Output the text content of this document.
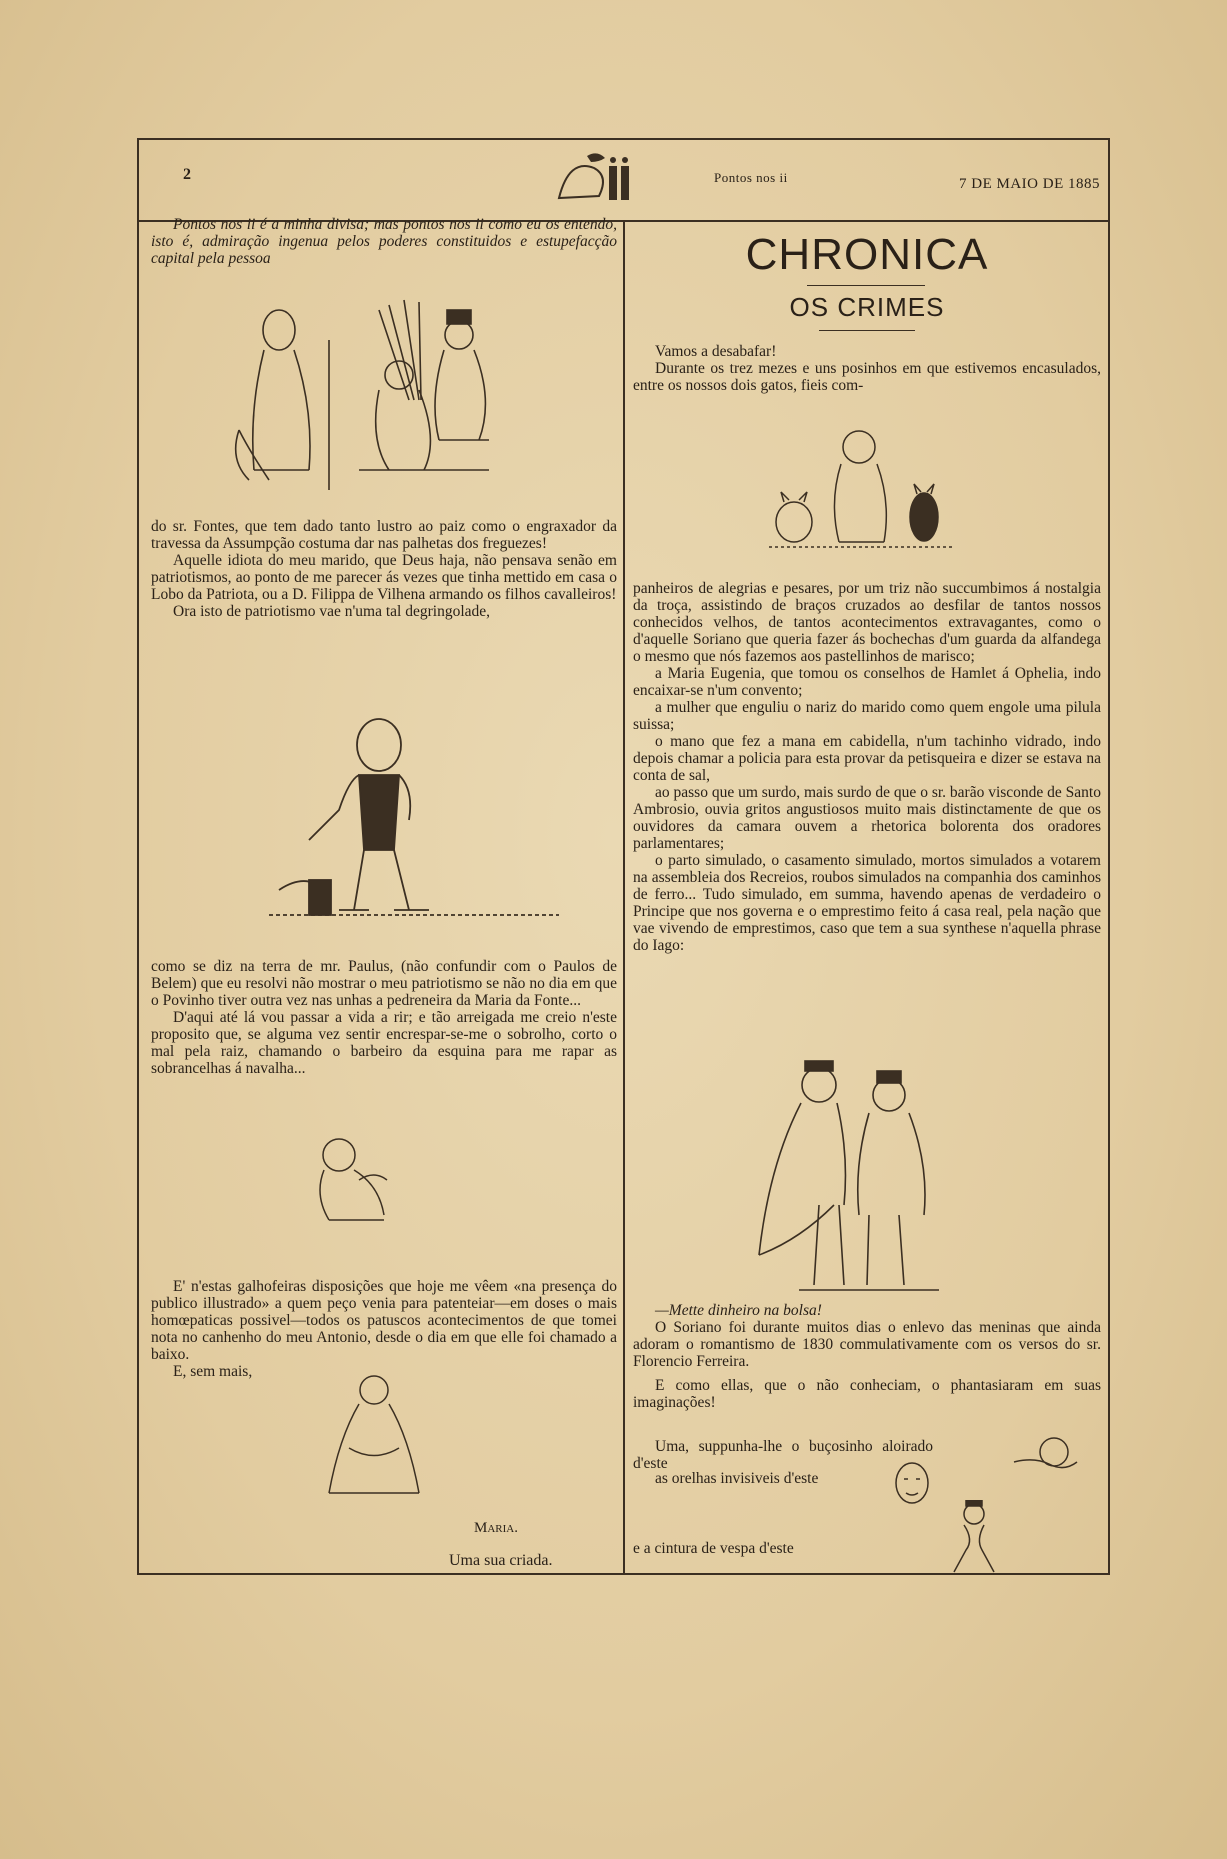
2	Pontos nos ii	7 DE MAIO DE 1885

Pontos nos ii é a minha divisa; mas pontos nos ii como eu os entendo, isto é, admiração ingenua pelos poderes constituidos e estupefacção capital pela pessoa

do sr. Fontes, que tem dado tanto lustro ao paiz como o engraxador da travessa da Assumpção costuma dar nas palhetas dos freguezes!

Aquelle idiota do meu marido, que Deus haja, não pensava senão em patriotismos, ao ponto de me parecer ás vezes que tinha mettido em casa o Lobo da Patriota, ou a D. Filippa de Vilhena armando os filhos cavalleiros!

Ora isto de patriotismo vae n'uma tal degringolade,

como se diz na terra de mr. Paulus, (não confundir com o Paulos de Belem) que eu resolvi não mostrar o meu patriotismo se não no dia em que o Povinho tiver outra vez nas unhas a pedreneira da Maria da Fonte...

D'aqui até lá vou passar a vida a rir; e tão arreigada me creio n'este proposito que, se alguma vez sentir encrespar-se-me o sobrolho, corto o mal pela raiz, chamando o barbeiro da esquina para me rapar as sobrancelhas á navalha...

E' n'estas galhofeiras disposições que hoje me vêem «na presença do publico illustrado» a quem peço venia para patenteiar—em doses o mais homœpaticas possivel—todos os patuscos acontecimentos de que tomei nota no canhenho do meu Antonio, desde o dia em que elle foi chamado a baixo.

E, sem mais,

Maria.
Uma sua criada.
CHRONICA
OS CRIMES

Vamos a desabafar!

Durante os trez mezes e uns posinhos em que estivemos encasulados, entre os nossos dois gatos, fieis com-

panheiros de alegrias e pesares, por um triz não succumbimos á nostalgia da troça, assistindo de braços cruzados ao desfilar de tantos nossos conhecidos velhos, de tantos acontecimentos extravagantes, como o d'aquelle Soriano que queria fazer ás bochechas d'um guarda da alfandega o mesmo que nós fazemos aos pastellinhos de marisco;

a Maria Eugenia, que tomou os conselhos de Hamlet á Ophelia, indo encaixar-se n'um convento;

a mulher que enguliu o nariz do marido como quem engole uma pilula suissa;

o mano que fez a mana em cabidella, n'um tachinho vidrado, indo depois chamar a policia para esta provar da petisqueira e dizer se estava na conta de sal,

ao passo que um surdo, mais surdo de que o sr. barão visconde de Santo Ambrosio, ouvia gritos angustiosos muito mais distinctamente de que os ouvidores da camara ouvem a rhetorica bolorenta dos oradores parlamentares;

o parto simulado, o casamento simulado, mortos simulados a votarem na assembleia dos Recreios, roubos simulados na companhia dos caminhos de ferro... Tudo simulado, em summa, havendo apenas de verdadeiro o Principe que nos governa e o emprestimo feito á casa real, pela nação que vae vivendo de emprestimos, caso que tem a sua synthese n'aquella phrase do Iago:

—Mette dinheiro na bolsa!

O Soriano foi durante muitos dias o enlevo das meninas que ainda adoram o romantismo de 1830 commulativamente com os versos do sr. Florencio Ferreira.

E como ellas, que o não conheciam, o phantasiaram em suas imaginações!

Uma, suppunha-lhe o buçosinho aloirado d'este

as orelhas invisiveis d'este

e a cintura de vespa d'este
